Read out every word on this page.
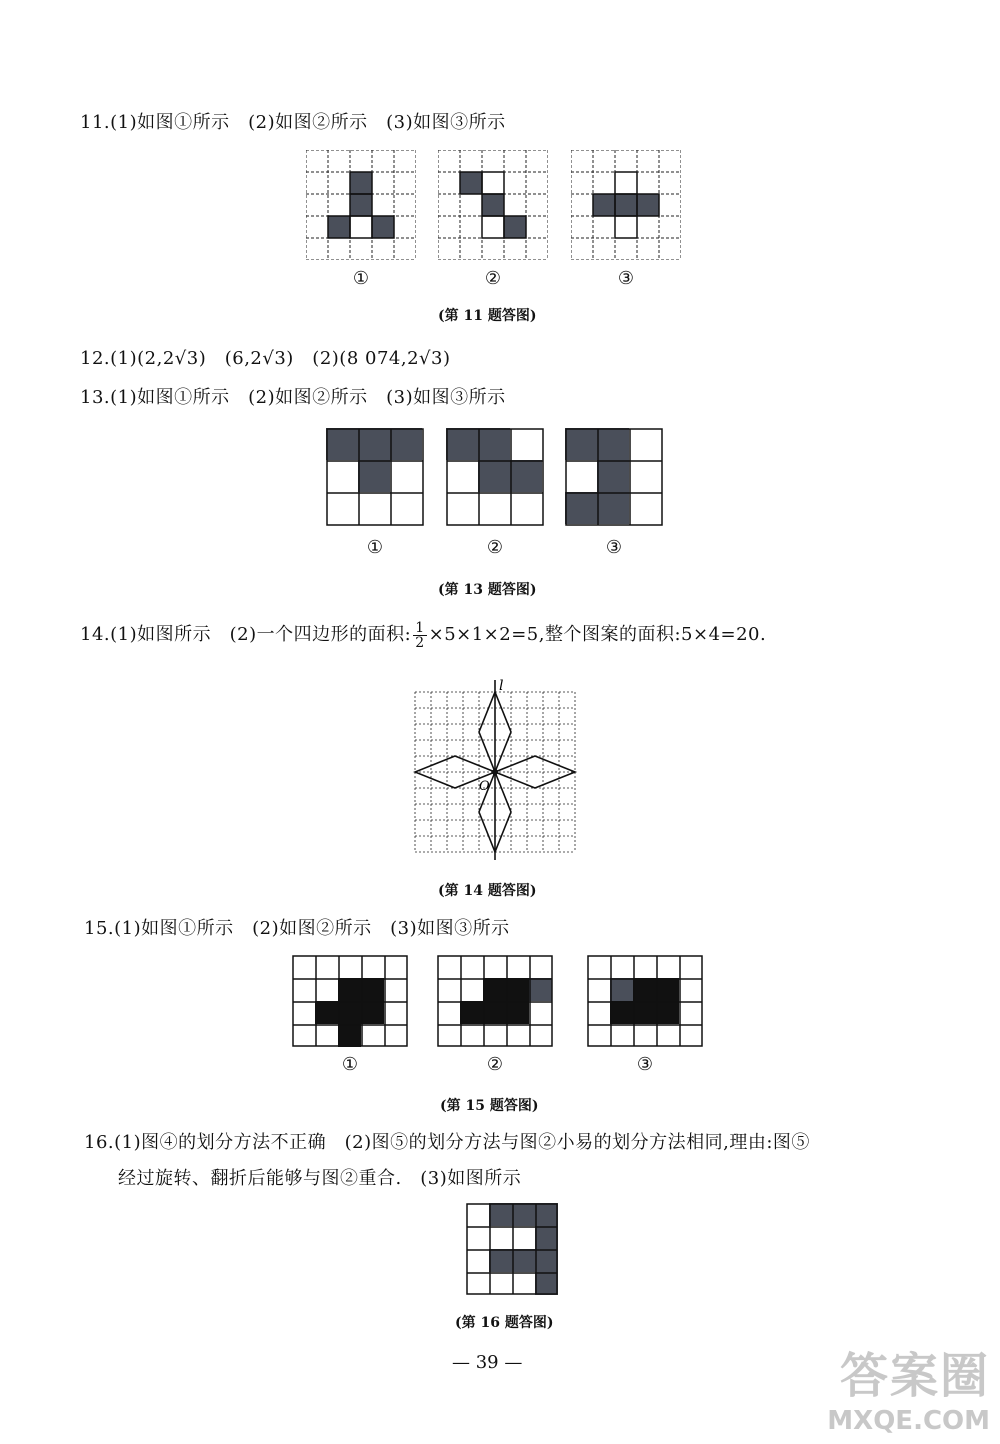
11.(1)如图①所示　(2)如图②所示　(3)如图③所示
①	②	③
(第 11 题答图)
12.(1)(2,2√3)　(6,2√3)　(2)(8 074,2√3)
13.(1)如图①所示　(2)如图②所示　(3)如图③所示
①	②	③
(第 13 题答图)
14.(1)如图所示　(2)一个四边形的面积: $\frac{1}{2} \times 5\times 1\times 2=5$,整个图案的面积:5×4=20.
l
O
(第 14 题答图)
15.(1)如图①所示　(2)如图②所示　(3)如图③所示
①	②	③
(第 15 题答图)
16.(1)图④的划分方法不正确　(2)图⑤的划分方法与图②小易的划分方法相同,理由:图⑤
经过旋转、翻折后能够与图②重合.　(3)如图所示
(第 16 题答图)
— 39 —	答案圈
MXQE.COM
